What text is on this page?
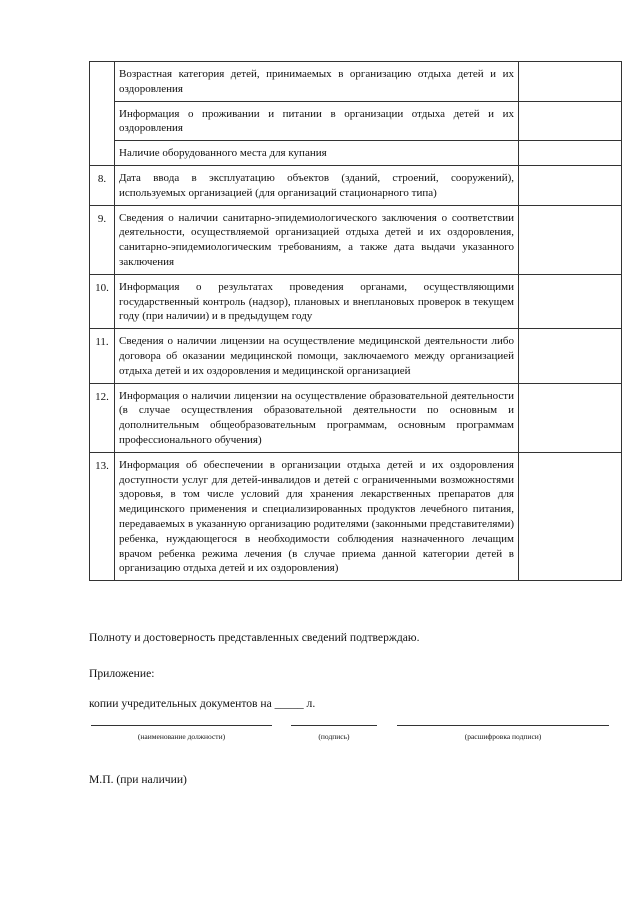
	Возрастная категория детей, принимаемых в организацию отдыха детей и их оздоровления	

	Информация о проживании и питании в организации отдыха детей и их оздоровления	

	Наличие оборудованного места для купания	

8.	Дата ввода в эксплуатацию объектов (зданий, строений, сооружений), используемых организацией (для организаций стационарного типа)	

9.	Сведения о наличии санитарно-эпидемиологического заключения о соответствии деятельности, осуществляемой организацией отдыха детей и их оздоровления, санитарно-эпидемиологическим требованиям, а также дата выдачи указанного заключения	

10.	Информация о результатах проведения органами, осуществляющими государственный контроль (надзор), плановых и внеплановых проверок в текущем году (при наличии) и в предыдущем году	

11.	Сведения о наличии лицензии на осуществление медицинской деятельности либо договора об оказании медицинской помощи, заключаемого между организацией отдыха детей и их оздоровления и медицинской организацией	

12.	Информация о наличии лицензии на осуществление образовательной деятельности (в случае осуществления образовательной деятельности по основным и дополнительным общеобразовательным программам, основным программам профессионального обучения)	

13.	Информация об обеспечении в организации отдыха детей и их оздоровления доступности услуг для детей-инвалидов и детей с ограниченными возможностями здоровья, в том числе условий для хранения лекарственных препаратов для медицинского применения и специализированных продуктов лечебного питания, передаваемых в указанную организацию родителями (законными представителями) ребенка, нуждающегося в необходимости соблюдения назначенного лечащим врачом ребенка режима лечения (в случае приема данной категории детей в организацию отдыха детей и их оздоровления)	

Полноту и достоверность представленных сведений подтверждаю.

Приложение:

копии учредительных документов на _____ л.

(наименование должности)	(подпись)	(расшифровка подписи)

М.П. (при наличии)
